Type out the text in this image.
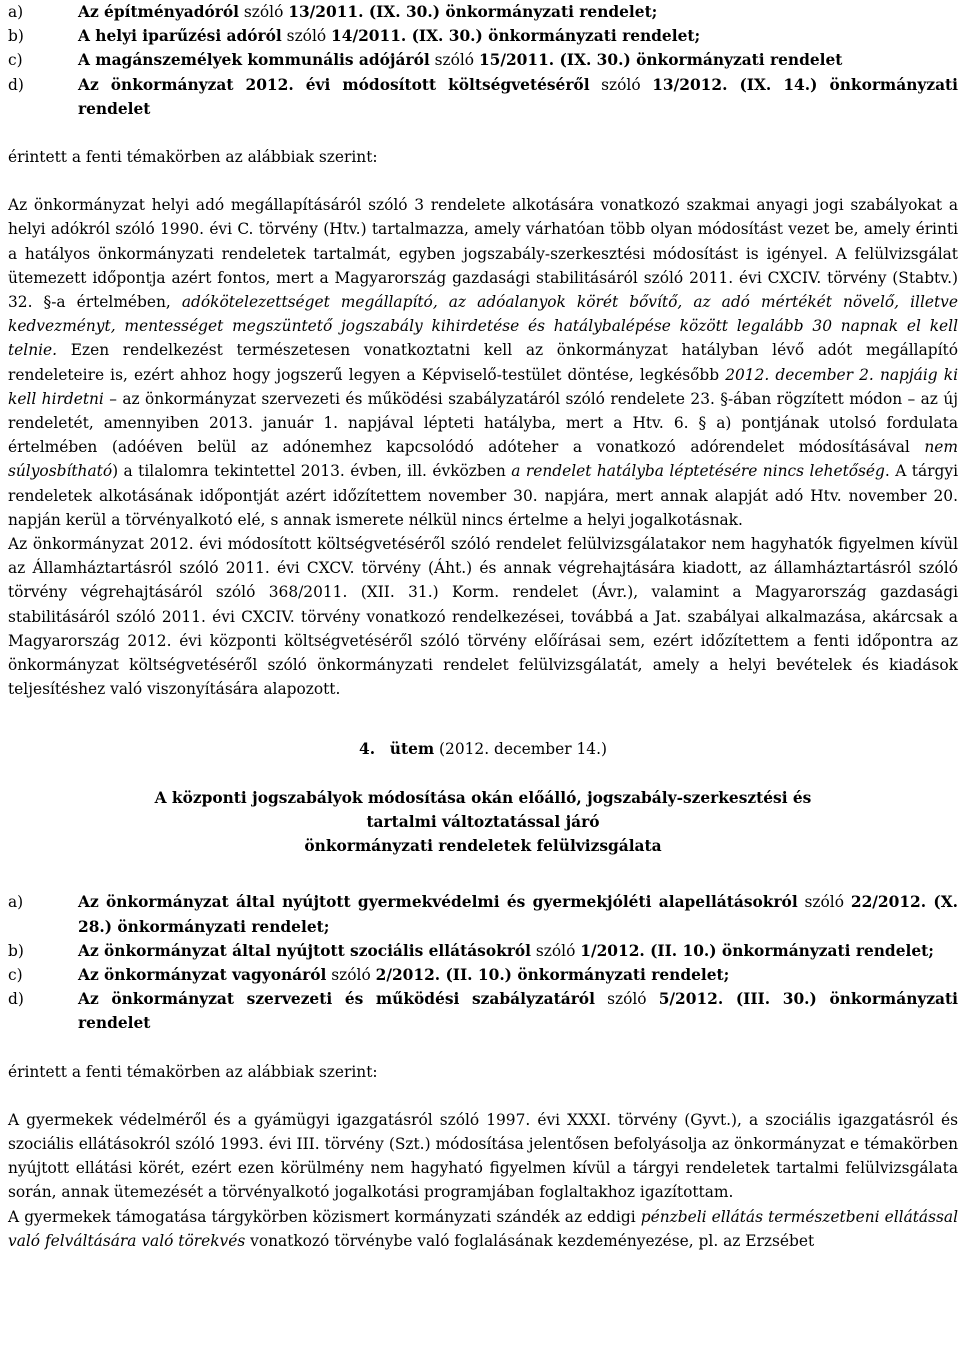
a)	Az építményadóról szóló 13/2011. (IX. 30.) önkormányzati rendelet;
b)	A helyi iparűzési adóról szóló 14/2011. (IX. 30.) önkormányzati rendelet;
c)	A magánszemélyek kommunális adójáról szóló 15/2011. (IX. 30.) önkormányzati rendelet
d)	Az önkormányzat 2012. évi módosított költségvetéséről szóló 13/2012. (IX. 14.) önkormányzati rendelet

érintett a fenti témakörben az alábbiak szerint:

Az önkormányzat helyi adó megállapításáról szóló 3 rendelete alkotására vonatkozó szakmai anyagi jogi szabályokat a helyi adókról szóló 1990. évi C. törvény (Htv.) tartalmazza, amely várhatóan több olyan módosítást vezet be, amely érinti a hatályos önkormányzati rendeletek tartalmát, egyben jogszabály-szerkesztési módosítást is igényel. A felülvizsgálat ütemezett időpontja azért fontos, mert a Magyarország gazdasági stabilitásáról szóló 2011. évi CXCIV. törvény (Stabtv.) 32. §-a értelmében, adókötelezettséget megállapító, az adóalanyok körét bővítő, az adó mértékét növelő, illetve kedvezményt, mentességet megszüntető jogszabály kihirdetése és hatálybalépése között legalább 30 napnak el kell telnie. Ezen rendelkezést természetesen vonatkoztatni kell az önkormányzat hatályban lévő adót megállapító rendeleteire is, ezért ahhoz hogy jogszerű legyen a Képviselő-testület döntése, legkésőbb 2012. december 2. napjáig ki kell hirdetni – az önkormányzat szervezeti és működési szabályzatáról szóló rendelete 23. §-ában rögzített módon – az új rendeletét, amennyiben 2013. január 1. napjával lépteti hatályba, mert a Htv. 6. § a) pontjának utolsó fordulata értelmében (adóéven belül az adónemhez kapcsolódó adóteher a vonatkozó adórendelet módosításával nem súlyosbítható) a tilalomra tekintettel 2013. évben, ill. évközben a rendelet hatályba léptetésére nincs lehetőség. A tárgyi rendeletek alkotásának időpontját azért időzítettem november 30. napjára, mert annak alapját adó Htv. november 20. napján kerül a törvényalkotó elé, s annak ismerete nélkül nincs értelme a helyi jogalkotásnak.

Az önkormányzat 2012. évi módosított költségvetéséről szóló rendelet felülvizsgálatakor nem hagyhatók figyelmen kívül az Államháztartásról szóló 2011. évi CXCV. törvény (Áht.) és annak végrehajtására kiadott, az államháztartásról szóló törvény végrehajtásáról szóló 368/2011. (XII. 31.) Korm. rendelet (Ávr.), valamint a Magyarország gazdasági stabilitásáról szóló 2011. évi CXCIV. törvény vonatkozó rendelkezései, továbbá a Jat. szabályai alkalmazása, akárcsak a Magyarország 2012. évi központi költségvetéséről szóló törvény előírásai sem, ezért időzítettem a fenti időpontra az önkormányzat költségvetéséről szóló önkormányzati rendelet felülvizsgálatát, amely a helyi bevételek és kiadások teljesítéshez való viszonyítására alapozott.

4. ütem (2012. december 14.)

A központi jogszabályok módosítása okán előálló, jogszabály-szerkesztési és

tartalmi változtatással járó

önkormányzati rendeletek felülvizsgálata

a)	Az önkormányzat által nyújtott gyermekvédelmi és gyermekjóléti alapellátásokról szóló 22/2012. (X. 28.) önkormányzati rendelet;
b)	Az önkormányzat által nyújtott szociális ellátásokról szóló 1/2012. (II. 10.) önkormányzati rendelet;
c)	Az önkormányzat vagyonáról szóló 2/2012. (II. 10.) önkormányzati rendelet;
d)	Az önkormányzat szervezeti és működési szabályzatáról szóló 5/2012. (III. 30.) önkormányzati rendelet

érintett a fenti témakörben az alábbiak szerint:

A gyermekek védelméről és a gyámügyi igazgatásról szóló 1997. évi XXXI. törvény (Gyvt.), a szociális igazgatásról és szociális ellátásokról szóló 1993. évi III. törvény (Szt.) módosítása jelentősen befolyásolja az önkormányzat e témakörben nyújtott ellátási körét, ezért ezen körülmény nem hagyható figyelmen kívül a tárgyi rendeletek tartalmi felülvizsgálata során, annak ütemezését a törvényalkotó jogalkotási programjában foglaltakhoz igazítottam.

A gyermekek támogatása tárgykörben közismert kormányzati szándék az eddigi pénzbeli ellátás természetbeni ellátással való felváltására való törekvés vonatkozó törvénybe való foglalásának kezdeményezése, pl. az Erzsébet
